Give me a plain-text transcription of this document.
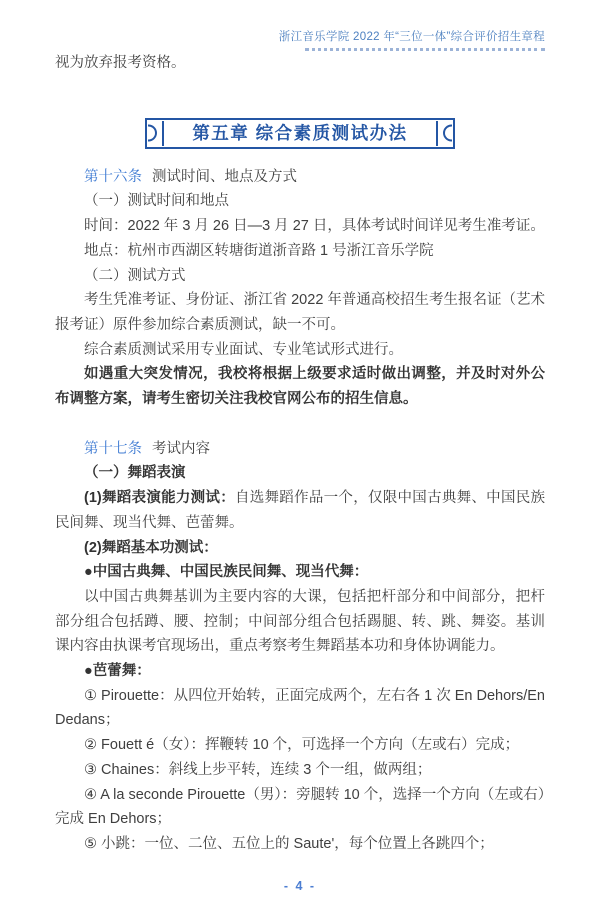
浙江音乐学院 2022 年“三位一体”综合评价招生章程

视为放弃报考资格。

第五章 综合素质测试办法

第十六条 测试时间、地点及方式

（一）测试时间和地点

时间：2022 年 3 月 26 日—3 月 27 日，具体考试时间详见考生准考证。

地点：杭州市西湖区转塘街道浙音路 1 号浙江音乐学院

（二）测试方式

考生凭准考证、身份证、浙江省 2022 年普通高校招生考生报名证（艺术报考证）原件参加综合素质测试，缺一不可。

综合素质测试采用专业面试、专业笔试形式进行。

如遇重大突发情况，我校将根据上级要求适时做出调整，并及时对外公布调整方案，请考生密切关注我校官网公布的招生信息。

第十七条 考试内容

（一）舞蹈表演

(1)舞蹈表演能力测试：自选舞蹈作品一个，仅限中国古典舞、中国民族民间舞、现当代舞、芭蕾舞。

(2)舞蹈基本功测试：

●中国古典舞、中国民族民间舞、现当代舞：

以中国古典舞基训为主要内容的大课，包括把杆部分和中间部分，把杆部分组合包括蹲、腰、控制；中间部分组合包括踢腿、转、跳、舞姿。基训课内容由执课考官现场出，重点考察考生舞蹈基本功和身体协调能力。

●芭蕾舞：

① Pirouette：从四位开始转，正面完成两个，左右各 1 次 En Dehors/En Dedans；

② Fouett é（女）：挥鞭转 10 个，可选择一个方向（左或右）完成；

③ Chaines：斜线上步平转，连续 3 个一组，做两组；

④ A la seconde Pirouette（男）：旁腿转 10 个，选择一个方向（左或右）完成 En Dehors；

⑤ 小跳：一位、二位、五位上的 Saute'，每个位置上各跳四个；

- 4 -
